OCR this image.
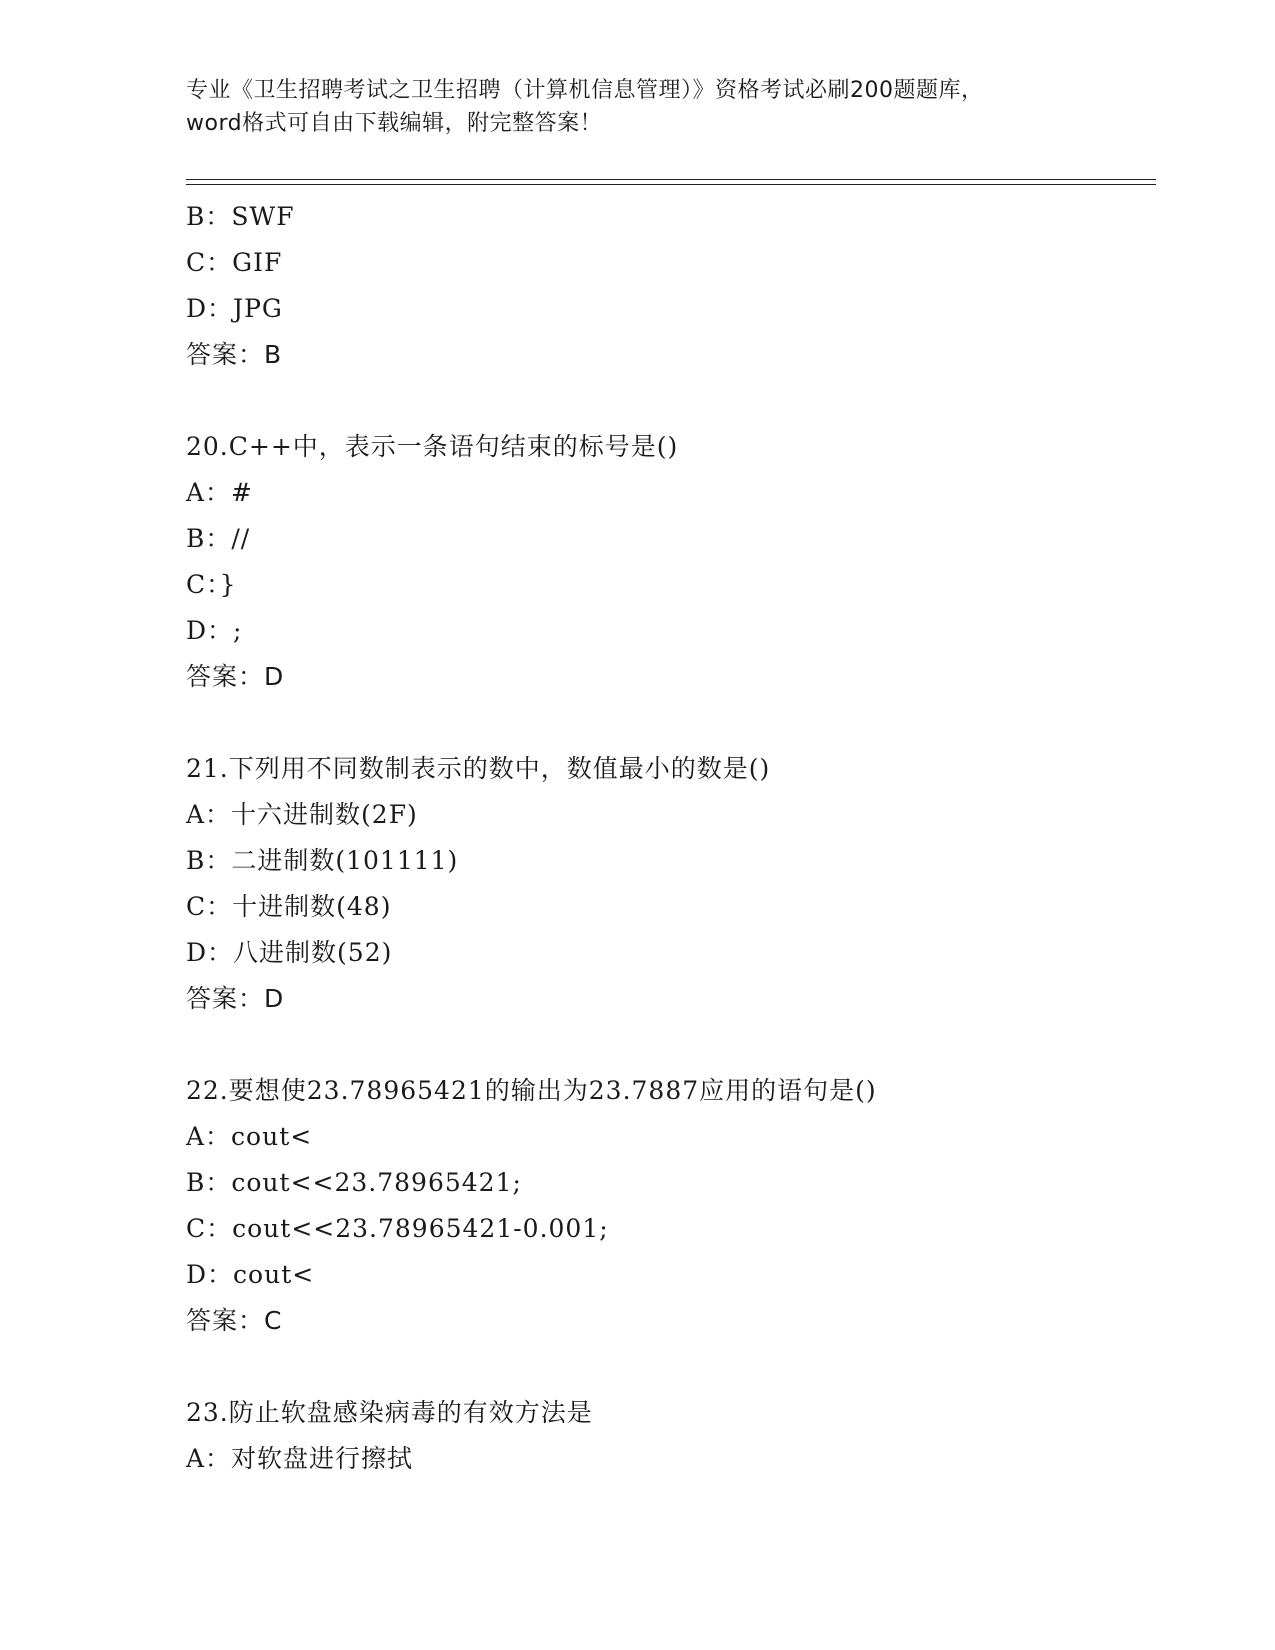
专业《卫生招聘考试之卫生招聘（计算机信息管理）》资格考试必刷200题题库，
word格式可自由下载编辑，附完整答案！
B：SWF
C：GIF
D：JPG
答案：B
20.C++中，表示一条语句结束的标号是()
A：#
B：//
C：}
D：;
答案：D
21.下列用不同数制表示的数中，数值最小的数是()
A：十六进制数(2F)
B：二进制数(101111)
C：十进制数(48)
D：八进制数(52)
答案：D
22.要想使23.78965421的输出为23.7887应用的语句是()
A：cout<
B：cout<<23.78965421;
C：cout<<23.78965421-0.001;
D：cout<
答案：C
23.防止软盘感染病毒的有效方法是
A：对软盘进行擦拭
